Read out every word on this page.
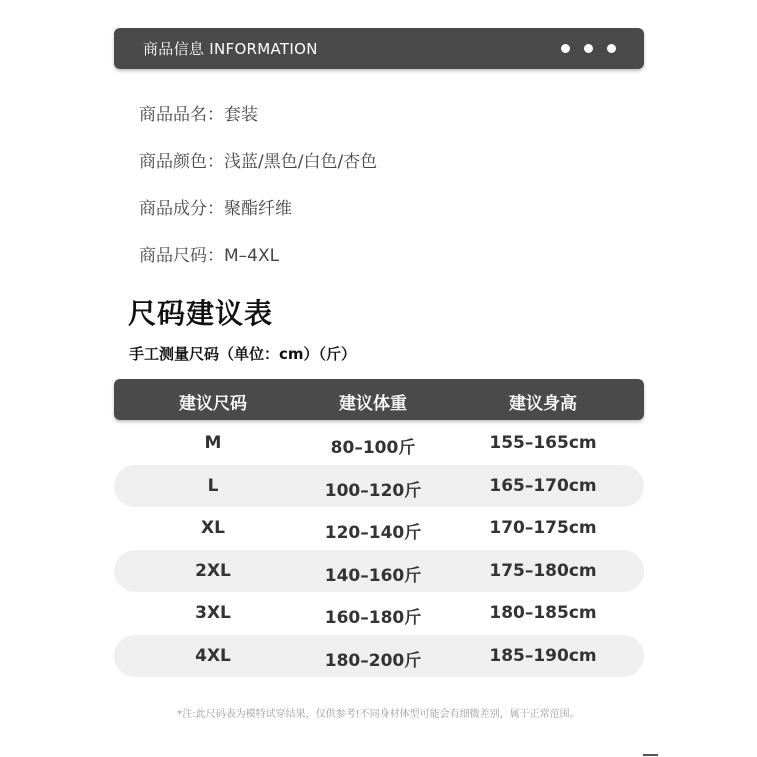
商品信息 INFORMATION
商品品名：套装
商品颜色：浅蓝/黑色/白色/杏色
商品成分：聚酯纤维
商品尺码：M–4XL
尺码建议表
手工测量尺码（单位：cm）（斤）
建议尺码	建议体重	建议身高
M	80–100斤	155–165cm
L	100–120斤	165–170cm
XL	120–140斤	170–175cm
2XL	140–160斤	175–180cm
3XL	160–180斤	180–185cm
4XL	180–200斤	185–190cm
*注:此尺码表为模特试穿结果，仅供参考!不同身材体型可能会有细微差别，属于正常范围。
